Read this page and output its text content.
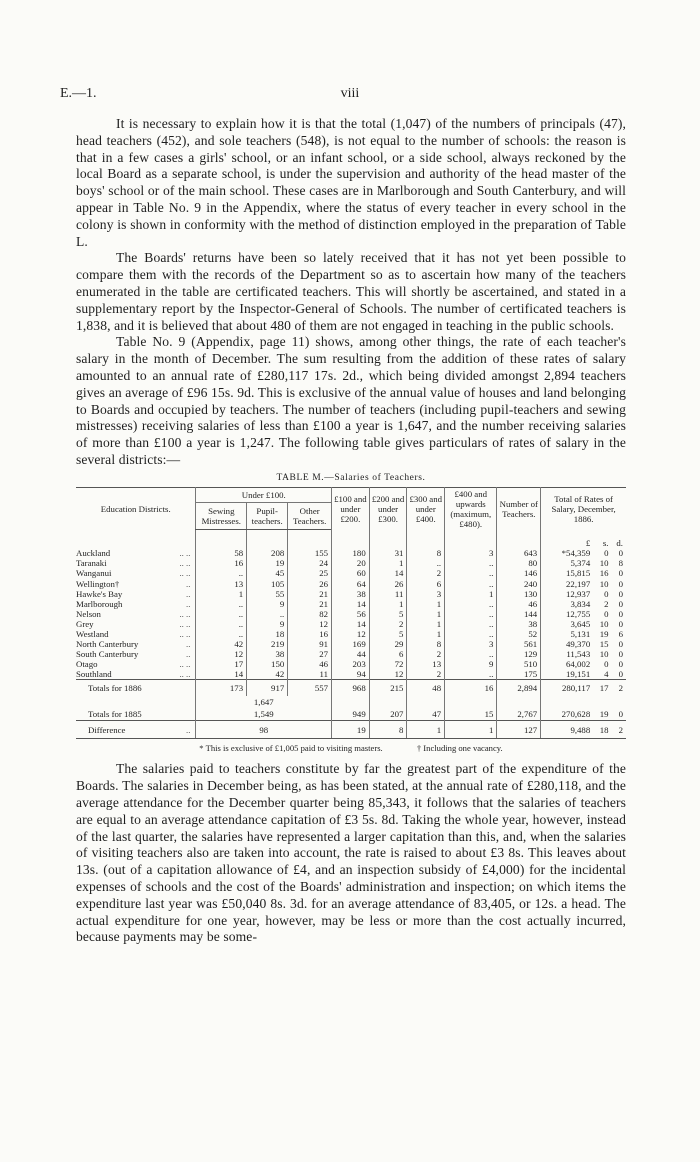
E.—1.	viii

It is necessary to explain how it is that the total (1,047) of the numbers of principals (47), head teachers (452), and sole teachers (548), is not equal to the number of schools: the reason is that in a few cases a girls' school, or an infant school, or a side school, always reckoned by the local Board as a separate school, is under the supervision and authority of the head master of the boys' school or of the main school. These cases are in Marlborough and South Canterbury, and will appear in Table No. 9 in the Appendix, where the status of every teacher in every school in the colony is shown in conformity with the method of distinction employed in the preparation of Table L.

The Boards' returns have been so lately received that it has not yet been possible to compare them with the records of the Department so as to ascertain how many of the teachers enumerated in the table are certificated teachers. This will shortly be ascertained, and stated in a supplementary report by the Inspector-General of Schools. The number of certificated teachers is 1,838, and it is believed that about 480 of them are not engaged in teaching in the public schools.

Table No. 9 (Appendix, page 11) shows, among other things, the rate of each teacher's salary in the month of December. The sum resulting from the addition of these rates of salary amounted to an annual rate of £280,117 17s. 2d., which being divided amongst 2,894 teachers gives an average of £96 15s. 9d. This is exclusive of the annual value of houses and land belonging to Boards and occupied by teachers. The number of teachers (including pupil-teachers and sewing mistresses) receiving salaries of less than £100 a year is 1,647, and the number receiving salaries of more than £100 a year is 1,247. The following table gives particulars of rates of salary in the several districts:—

TABLE M.—Salaries of Teachers.
Education Districts.	Under £100.			£100 and under £200.	£200 and under £300.	£300 and under £400.	£400 and upwards (maximum, £480).	Number of Teachers.	Total of Rates of Salary, December, 1886.		
	Sewing Mistresses.	Pupil-teachers.	Other Teachers.								
									£	s.	d.
Auckland .. ..	58	208	155	180	31	8	3	643	*54,359	0	0
Taranaki .. ..	16	19	24	20	1	..	..	80	5,374	10	8
Wanganui .. ..	..	45	25	60	14	2	..	146	15,815	16	0
Wellington† ..	13	105	26	64	26	6	..	240	22,197	10	0
Hawke's Bay ..	1	55	21	38	11	3	1	130	12,937	0	0
Marlborough ..	..	9	21	14	1	1	..	46	3,834	2	0
Nelson .. ..	..	..	82	56	5	1	..	144	12,755	0	0
Grey .. ..	..	9	12	14	2	1	..	38	3,645	10	0
Westland .. ..	..	18	16	12	5	1	..	52	5,131	19	6
North Canterbury ..	42	219	91	169	29	8	3	561	49,370	15	0
South Canterbury ..	12	38	27	44	6	2	..	129	11,543	10	0
Otago .. ..	17	150	46	203	72	13	9	510	64,002	0	0
Southland .. ..	14	42	11	94	12	2	..	175	19,151	4	0
Totals for 1886	173	917	557	968	215	48	16	2,894	280,117	17	2
	1,647										
Totals for 1885	1,549			949	207	47	15	2,767	270,628	19	0
Difference ..	98			19	8	1	1	127	9,488	18	2
* This is exclusive of £1,005 paid to visiting masters.	† Including one vacancy.

The salaries paid to teachers constitute by far the greatest part of the expenditure of the Boards. The salaries in December being, as has been stated, at the annual rate of £280,118, and the average attendance for the December quarter being 85,343, it follows that the salaries of teachers are equal to an average attendance capitation of £3 5s. 8d. Taking the whole year, however, instead of the last quarter, the salaries have represented a larger capitation than this, and, when the salaries of visiting teachers also are taken into account, the rate is raised to about £3 8s. This leaves about 13s. (out of a capitation allowance of £4, and an inspection subsidy of £4,000) for the incidental expenses of schools and the cost of the Boards' administration and inspection; on which items the expenditure last year was £50,040 8s. 3d. for an average attendance of 83,405, or 12s. a head. The actual expenditure for one year, however, may be less or more than the cost actually incurred, because payments may be some-
